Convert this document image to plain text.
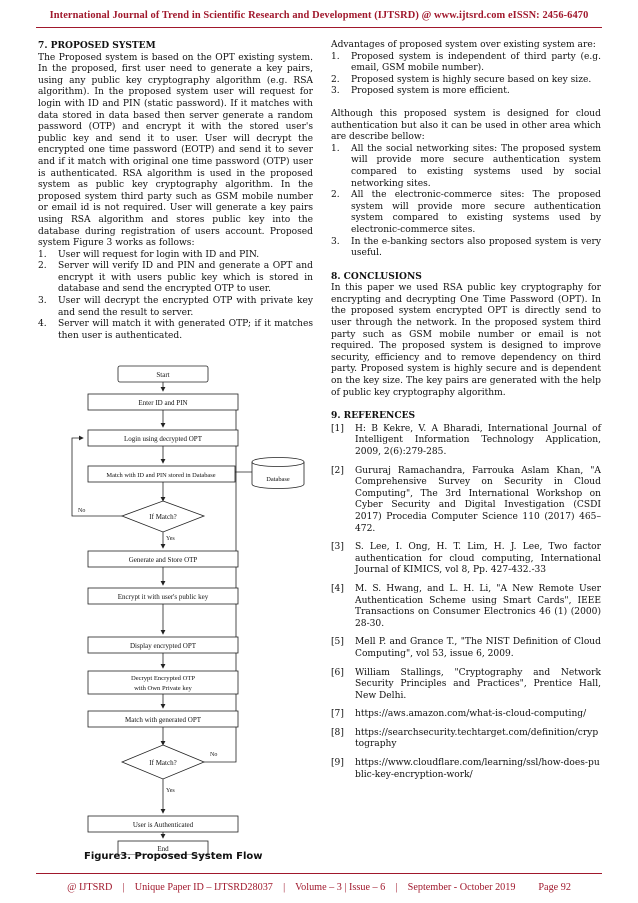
International Journal of Trend in Scientific Research and Development (IJTSRD) @ www.ijtsrd.com eISSN: 2456-6470
7. PROPOSED SYSTEM

The Proposed system is based on the OPT existing system. In the proposed, first user need to generate a key pairs, using any public key cryptography algorithm (e.g. RSA algorithm). In the proposed system user will request for login with ID and PIN (static password). If it matches with data stored in data based then server generate a random password (OTP) and encrypt it with the stored user's public key and send it to user. User will decrypt the encrypted one time password (EOTP) and send it to sever and if it match with original one time password (OTP) user is authenticated. RSA algorithm is used in the proposed system as public key cryptography algorithm. In the proposed system third party such as GSM mobile number or email id is not required. User will generate a key pairs using RSA algorithm and stores public key into the database during registration of users account. Proposed system Figure 3 works as follows:

1.	User will request for login with ID and PIN.
2.	Server will verify ID and PIN and generate a OPT and encrypt it with users public key which is stored in database and send the encrypted OTP to user.
3.	User will decrypt the encrypted OTP with private key and send the result to server.
4.	Server will match it with generated OTP; if it matches then user is authenticated.
Start
Enter ID and PIN
Login using decrypted OPT
Match with ID and PIN stored in Database
Database
If Match?
Yes
No
Generate and Store OTP
Encrypt it with user's public key
Display encrypted OPT
Decrypt Encrypted OTP
with Own Private key
Match with generated OPT
If Match?
Yes
No
User is Authenticated
End
Figure3. Proposed System Flow

Advantages of proposed system over existing system are:

1.	Proposed system is independent of third party (e.g. email, GSM mobile number).
2.	Proposed system is highly secure based on key size.
3.	Proposed system is more efficient.

Although this proposed system is designed for cloud authentication but also it can be used in other area which are describe bellow:

1.	All the social networking sites: The proposed system will provide more secure authentication system compared to existing systems used by social networking sites.
2.	All the electronic-commerce sites: The proposed system will provide more secure authentication system compared to existing systems used by electronic-commerce sites.
3.	In the e-banking sectors also proposed system is very useful.
8. CONCLUSIONS

In this paper we used RSA public key cryptography for encrypting and decrypting One Time Password (OPT). In the proposed system encrypted OPT is directly send to user through the network. In the proposed system third party such as GSM mobile number or email is not required. The proposed system is designed to improve security, efficiency and to remove dependency on third party. Proposed system is highly secure and is dependent on the key size. The key pairs are generated with the help of public key cryptography algorithm.

9. REFERENCES
[1]	H: B Kekre, V. A Bharadi, International Journal of Intelligent Information Technology Application, 2009, 2(6):279-285.
[2]	Gururaj Ramachandra, Farrouka Aslam Khan, "A Comprehensive Survey on Security in Cloud Computing", The 3rd International Workshop on Cyber Security and Digital Investigation (CSDI 2017) Procedia Computer Science 110 (2017) 465–472.
[3]	S. Lee, I. Ong, H. T. Lim, H. J. Lee, Two factor authentication for cloud computing, International Journal of KIMICS, vol 8, Pp. 427-432.-33
[4]	M. S. Hwang, and L. H. Li, "A New Remote User Authentication Scheme using Smart Cards", IEEE Transactions on Consumer Electronics 46 (1) (2000) 28-30.
[5]	Mell P. and Grance T., "The NIST Definition of Cloud Computing", vol 53, issue 6, 2009.
[6]	William Stallings, "Cryptography and Network Security Principles and Practices", Prentice Hall, New Delhi.
[7]	https://aws.amazon.com/what-is-cloud-computing/
[8]	https://searchsecurity.techtarget.com/definition/cryptography
[9]	https://www.cloudflare.com/learning/ssl/how-does-public-key-encryption-work/
@ IJTSRD    |    Unique Paper ID – IJTSRD28037    |    Volume – 3 | Issue – 6    |    September - October 2019         Page 92
